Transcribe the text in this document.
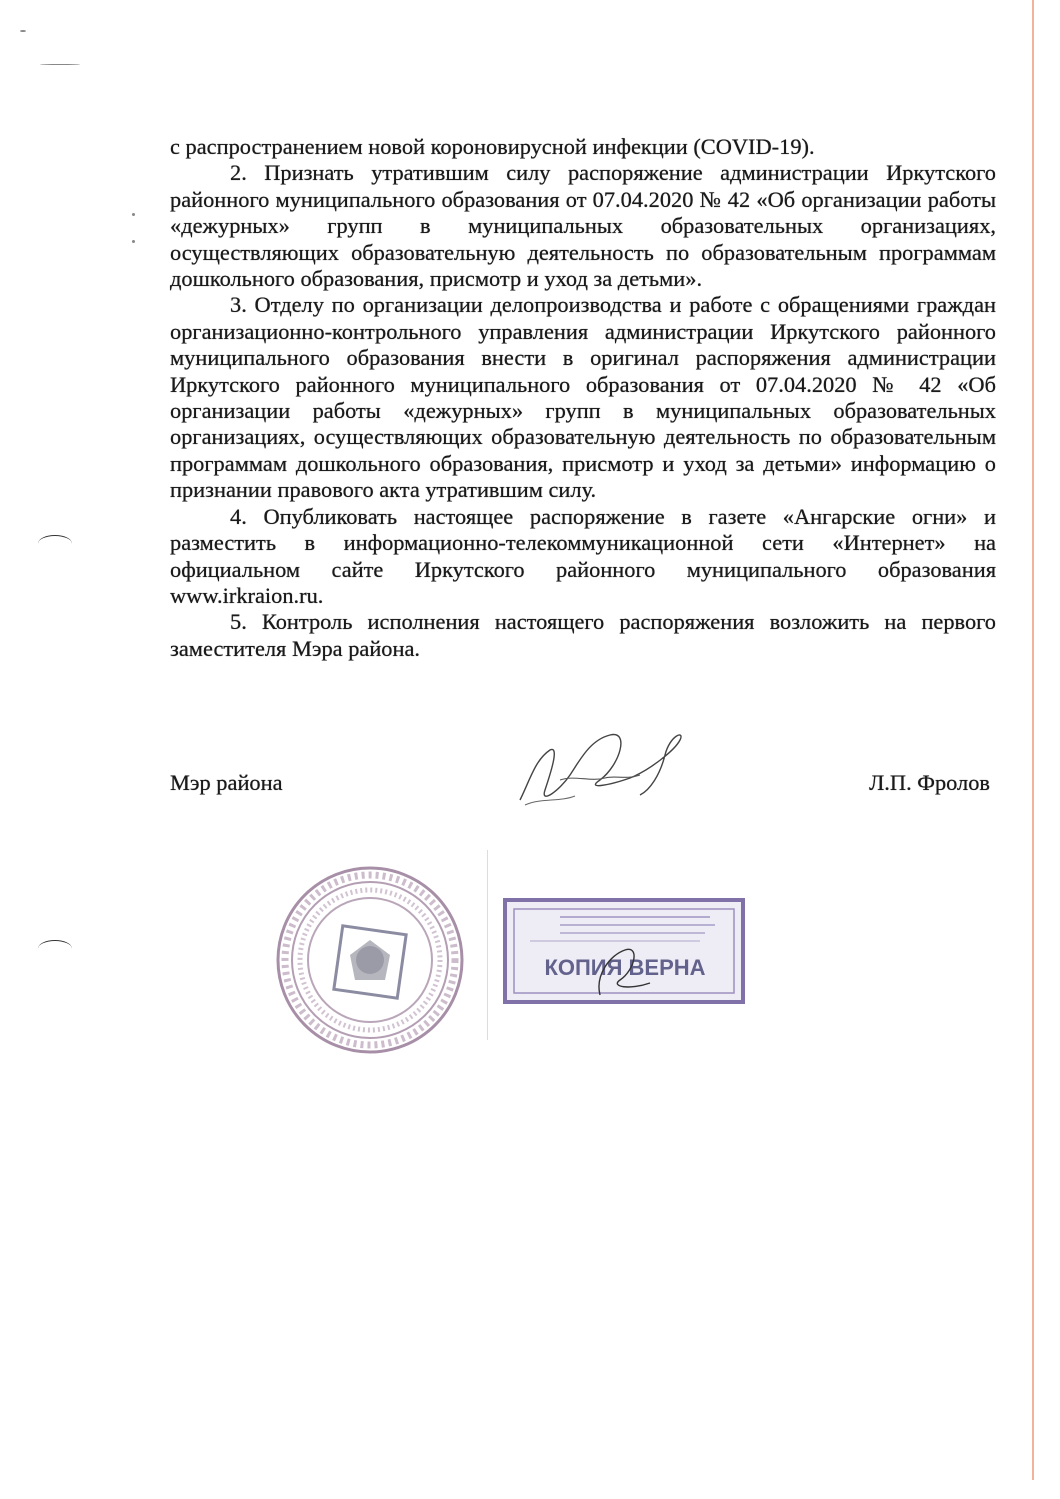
с распространением новой короновирусной инфекции (COVID-19).

2. Признать утратившим силу распоряжение администрации Иркутского районного муниципального образования от 07.04.2020 № 42 «Об организации работы «дежурных» групп в муниципальных образовательных организациях, осуществляющих образовательную деятельность по образовательным программам дошкольного образования, присмотр и уход за детьми».

3. Отделу по организации делопроизводства и работе с обращениями граждан организационно-контрольного управления администрации Иркутского районного муниципального образования внести в оригинал распоряжения администрации Иркутского районного муниципального образования от 07.04.2020 № 42 «Об организации работы «дежурных» групп в муниципальных образовательных организациях, осуществляющих образовательную деятельность по образовательным программам дошкольного образования, присмотр и уход за детьми» информацию о признании правового акта утратившим силу.

4. Опубликовать настоящее распоряжение в газете «Ангарские огни» и разместить в информационно-телекоммуникационной сети «Интернет» на официальном сайте Иркутского районного муниципального образования www.irkraion.ru.

5. Контроль исполнения настоящего распоряжения возложить на первого заместителя Мэра района.

Мэр района	Л.П. Фролов
КОПИЯ ВЕРНА
